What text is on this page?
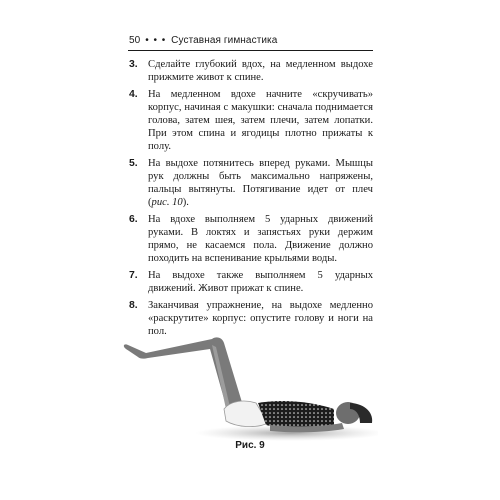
50 • • • Суставная гимнастика
3. Сделайте глубокий вдох, на медленном выдохе прижмите живот к спине.
4. На медленном вдохе начните «скручивать» корпус, начиная с макушки: сначала поднимается голова, затем шея, затем плечи, затем лопатки. При этом спина и ягодицы плотно прижаты к полу.
5. На выдохе потянитесь вперед руками. Мышцы рук должны быть максимально напряжены, пальцы вытянуты. Потягивание идет от плеч (рис. 10).
6. На вдохе выполняем 5 ударных движений руками. В локтях и запястьях руки держим прямо, не касаемся пола. Движение должно походить на вспенивание крыльями воды.
7. На выдохе также выполняем 5 ударных движений. Живот прижат к спине.
8. Заканчивая упражнение, на выдохе медленно «раскрутите» корпус: опустите голову и ноги на пол.
Рис. 9
